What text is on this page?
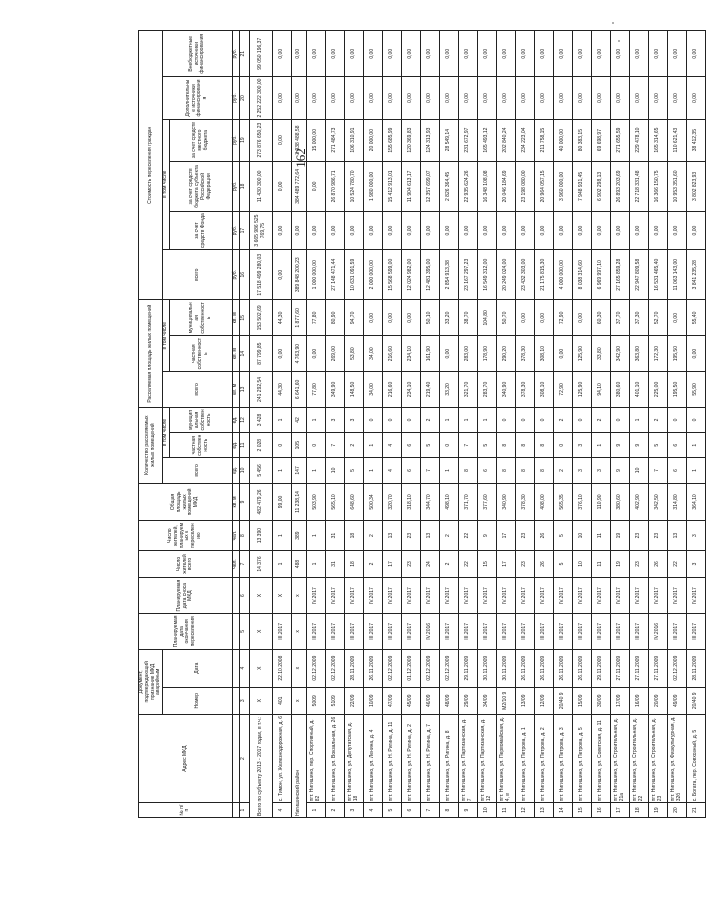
162
№ п/п	Адрес МКД	Документ, подтверждающий признание МКД аварийным		Планируемая дата окончания переселения	Планируемая дата сноса МКД	Число жителей всего	Число жителей, планируемых к переселению	Общая площадь жилых помещений МКД	Количество расселяемых жилых помещений			Расселяемая площадь жилых помещений			Стоимость переселения граждан					
		Номер	Дата						всего	в том числе		всего	в том числе		всего	в том числе			Дополнительные источники финансирования	Внебюджетные источники финансирования
										частная собственность	муниципальная собственность		частная собственность	муниципальная собственность		за счет средств Фонда	за счет средств бюджета субъекта Российской Федерации	за счет средств местного бюджета		
						чел.	чел.	кв. м	ед.	ед.	ед.	кв. м	кв. м	кв. м	руб.	руб.	руб.	руб.	руб.	руб.
1	2	3	4	5	6	7	8	9	10	11	12	13	14	15	16	17	18	19	20	21
Всего по субъекту 2013 - 2017 годах, в т.ч.:		X	X	X	X	14 376	13 390	482 479,26	5 456	2 028	3 428	241 292,54	87 799,85	153 502,69	17 518 499 280,03	3 665 986 525 769,75	11 430 300,00	273 876 650,23	2 252 222 300,00	99 050 196,37
4	с. Тимон, ул. Железнодорожная, д. 6	401	22.10.2008	III.2017	X	1	1	99,00	1	0	1	44,30	0,00	44,30	0,00	0,00	0,00	0,00	0,00	0,00
Нигишинский район		x	x	x	x	488	389	11 238,14	147	105	42	6 641,60	4 763,90	1 877,60	389 848 200,23	0,00	384 489 772,64	3 938 488,58	0,00	0,00
1	пгт. Нигишино, пер. Спортивный, д. 82	5009	02.12.2009	III.2017	IV.2017	1	1	503,90	1	0	1	77,80	0,00	77,80	1 000 000,00	0,00	0,00	15 000,00	0,00	0,00
2	пгт. Нигишино, ул. Вокзальная, д. 26	5109	02.12.2009	III.2017	IV.2017	31	31	565,10	10	7	3	349,90	269,00	80,90	27 148 471,44	0,00	26 870 986,71	271 484,73	0,00	0,00
3	пгт. Нигишино, ул. Депутатская, д. 18	22/09	28.11.2009	III.2017	IV.2017	18	18	648,60	5	2	3	148,50	53,80	94,70	10 631 091,59	0,00	10 524 780,70	106 310,91	0,00	0,00
4	пгт. Нигишино, ул. Ленина, д. 4	10/09	26.11.2009	III.2017	IV.2017	2	2	500,34	1	1	0	34,00	34,00	0,00	2 000 000,00	0,00	1 980 000,00	20 000,00	0,00	0,00
5	пгт. Нигишино, ул. Н. Ригина, д. 11	47/09	02.12.2009	III.2017	IV.2017	17	13	320,70	4	4	0	216,60	216,60	0,00	15 568 599,00	0,00	15 412 913,01	155 685,99	0,00	0,00
6	пгт. Нигишино, ул. Н. Ригина, д. 2	45/09	01.12.2009	III.2017	IV.2017	23	23	318,10	6	6	0	234,10	234,10	0,00	12 024 982,00	0,00	11 904 613,17	120 369,83	0,00	0,00
7	пгт. Нигишино, ул. Н. Ригина, д. 7	46/09	02.12.2009	IV.2016	IV.2017	24	13	344,70	7	5	2	219,40	161,90	50,10	12 481 395,00	0,00	12 357 699,07	124 313,93	0,00	0,00
8	пгт. Нигишино, ул. Ригина, д. 8	48/09	02.12.2009	III.2017	IV.2017	2	2	498,10	1	0	1	33,20	0,00	33,20	2 854 913,38	0,00	2 826 364,45	28 549,14	0,00	0,00
9	пгт. Нигишино, ул. Партизанская, д. 7	29/09	29.11.2009	III.2017	IV.2017	22	22	371,70	8	7	1	321,70	283,00	38,70	23 167 297,23	0,00	22 935 624,26	231 672,97	0,00	0,00
10	пгт. Нигишино, ул. Партизанская, д. 12	34/09	30.11.2009	III.2017	IV.2017	15	9	377,60	6	5	1	283,70	178,90	104,80	16 549 312,00	0,00	16 348 108,08	165 493,12	0,00	0,00
11	пгт. Нигишино, ул. Первомайская, д. 4, в	М2/10 9	30.11.2009	III.2017	IV.2017	17	17	340,90	8	8	0	340,90	290,20	50,70	20 249 024,00	0,00	20 046 184,69	202 840,24	0,00	0,00
12	пгт. Нигишино, ул. Петрова, д. 1	13/09	26.11.2009	III.2017	IV.2017	23	23	378,30	8	8	0	378,30	378,30	0,00	23 432 303,00	0,00	23 198 080,00	234 223,04	0,00	0,00
13	пгт. Нигишино, ул. Петрова, д. 2	12/09	26.11.2009	III.2017	IV.2017	26	26	408,00	8	8	0	308,10	308,10	0,00	21 175 815,30	0,00	20 964 057,15	211 758,15	0,00	0,00
14	пгт. Нигишино, ул. Петрова, д. 3	20/40 9	26.11.2009	III.2017	IV.2017	5	5	565,35	2	0	2	72,90	0,00	72,90	4 000 000,00	0,00	3 960 000,00	40 000,00	0,00	0,00
15	пгт. Нигишино, ул. Петрова, д. 5	15/09	26.11.2009	III.2017	IV.2017	10	10	376,10	3	3	0	125,90	125,90	0,00	8 038 314,60	0,00	7 948 931,45	80 383,15	0,00	0,00
16	пгт. Нигишино, ул. Советская, д. 11	30/09	29.11.2009	III.2017	IV.2017	11	11	110,90	3	1	2	94,10	33,80	60,30	6 969 997,10	0,00	6 902 298,13	69 698,97	0,00	0,00
17	пгт. Нигишино, ул. Строительная, д. 21а	17/09	27.11.2009	III.2017	IV.2017	19	19	380,60	9	9	0	380,60	342,90	37,70	27 165 859,28	0,00	26 893 203,69	271 655,59	0,00	0,00
18	пгт. Нигишино, ул. Строительная, д. 22	16/09	27.11.2009	III.2017	IV.2017	23	23	402,90	10	9	1	401,10	363,80	37,30	22 947 809,58	0,00	22 718 331,48	229 478,10	0,00	0,00
19	пгт. Нигишино, ул. Строительная, д. 23	20/09	27.11.2009	IV.2016	IV.2017	26	23	342,50	7	5	2	225,00	172,30	52,70	16 531 465,40	0,00	16 366 150,75	165 314,65	0,00	0,00
20	пгт. Нигишино, ул. Физкультурная, д. 32б	49/09	02.12.2009	III.2017	IV.2017	22	13	314,80	6	6	0	195,50	195,50	0,00	11 063 143,00	0,00	10 953 351,60	110 621,43	0,00	0,00
21	с. Богата, пер. Совхозный, д. 5	20/40 9	28.11.2009	III.2017	IV.2017	3	3	364,10	1	1	0	55,90	0,00	55,40	3 841 235,28	0,00	3 802 823,93	38 412,35	0,00	0,00
